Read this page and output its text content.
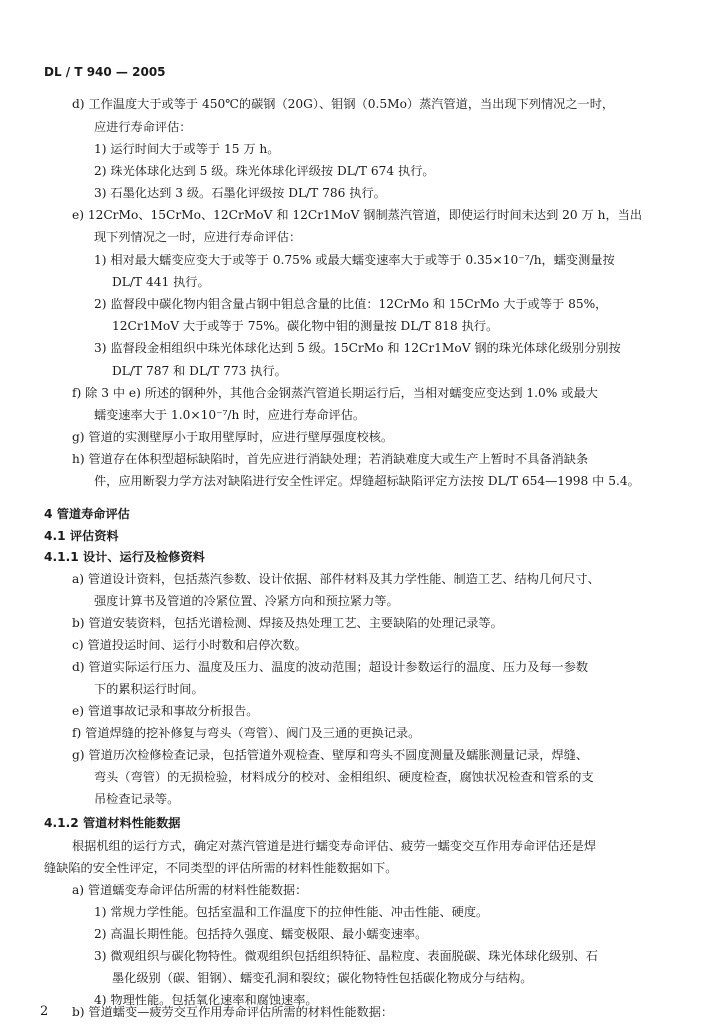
DL / T 940 — 2005
d) 工作温度大于或等于 450℃的碳钢（20G）、钼钢（0.5Mo）蒸汽管道，当出现下列情况之一时，
应进行寿命评估：
1) 运行时间大于或等于 15 万 h。
2) 珠光体球化达到 5 级。珠光体球化评级按 DL/T 674 执行。
3) 石墨化达到 3 级。石墨化评级按 DL/T 786 执行。
e) 12CrMo、15CrMo、12CrMoV 和 12Cr1MoV 钢制蒸汽管道，即使运行时间未达到 20 万 h，当出
现下列情况之一时，应进行寿命评估：
1) 相对最大蠕变应变大于或等于 0.75% 或最大蠕变速率大于或等于 0.35×10⁻⁷/h，蠕变测量按
DL/T 441 执行。
2) 监督段中碳化物内钼含量占钢中钼总含量的比值：12CrMo 和 15CrMo 大于或等于 85%，
12Cr1MoV 大于或等于 75%。碳化物中钼的测量按 DL/T 818 执行。
3) 监督段金相组织中珠光体球化达到 5 级。15CrMo 和 12Cr1MoV 钢的珠光体球化级别分别按
DL/T 787 和 DL/T 773 执行。
f) 除 3 中 e) 所述的钢种外，其他合金钢蒸汽管道长期运行后，当相对蠕变应变达到 1.0% 或最大
蠕变速率大于 1.0×10⁻⁷/h 时，应进行寿命评估。
g) 管道的实测壁厚小于取用壁厚时，应进行壁厚强度校核。
h) 管道存在体积型超标缺陷时，首先应进行消缺处理；若消缺难度大或生产上暂时不具备消缺条
件，应用断裂力学方法对缺陷进行安全性评定。焊缝超标缺陷评定方法按 DL/T 654—1998 中 5.4。
4 管道寿命评估
4.1 评估资料
4.1.1 设计、运行及检修资料
a) 管道设计资料，包括蒸汽参数、设计依据、部件材料及其力学性能、制造工艺、结构几何尺寸、
强度计算书及管道的冷紧位置、冷紧方向和预拉紧力等。
b) 管道安装资料，包括光谱检测、焊接及热处理工艺、主要缺陷的处理记录等。
c) 管道投运时间、运行小时数和启停次数。
d) 管道实际运行压力、温度及压力、温度的波动范围；超设计参数运行的温度、压力及每一参数
下的累积运行时间。
e) 管道事故记录和事故分析报告。
f) 管道焊缝的挖补修复与弯头（弯管）、阀门及三通的更换记录。
g) 管道历次检修检查记录，包括管道外观检查、壁厚和弯头不圆度测量及蠕胀测量记录，焊缝、
弯头（弯管）的无损检验，材料成分的校对、金相组织、硬度检查，腐蚀状况检查和管系的支
吊检查记录等。
4.1.2 管道材料性能数据
根据机组的运行方式，确定对蒸汽管道是进行蠕变寿命评估、疲劳一蠕变交互作用寿命评估还是焊
缝缺陷的安全性评定，不同类型的评估所需的材料性能数据如下。
a) 管道蠕变寿命评估所需的材料性能数据：
1) 常规力学性能。包括室温和工作温度下的拉伸性能、冲击性能、硬度。
2) 高温长期性能。包括持久强度、蠕变极限、最小蠕变速率。
3) 微观组织与碳化物特性。微观组织包括组织特征、晶粒度、表面脱碳、珠光体球化级别、石
墨化级别（碳、钼钢）、蠕变孔洞和裂纹；碳化物特性包括碳化物成分与结构。
4) 物理性能。包括氧化速率和腐蚀速率。
b) 管道蠕变—疲劳交互作用寿命评估所需的材料性能数据：
2
